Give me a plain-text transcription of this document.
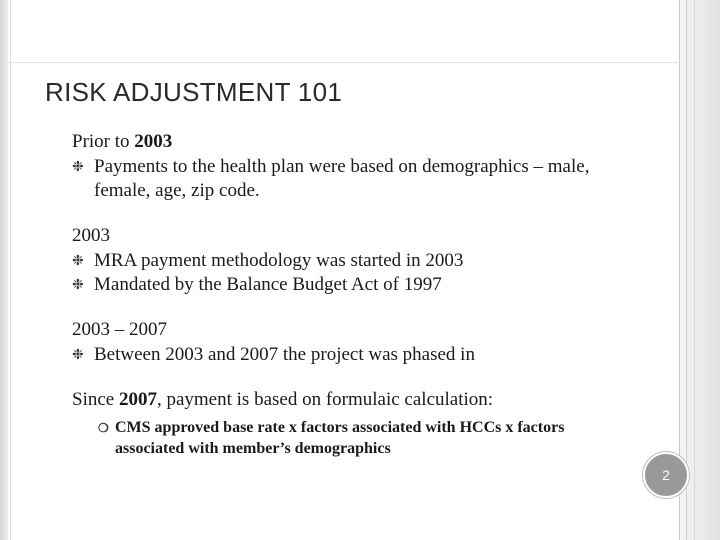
RISK ADJUSTMENT 101

Prior to 2003

❉ Payments to the health plan were based on demographics – male, female, age, zip code.

2003

❉ MRA payment methodology was started in 2003

❉ Mandated by the Balance Budget Act of 1997

2003 – 2007

❉ Between 2003 and 2007 the project was phased in

Since 2007, payment is based on formulaic calculation:

❍ CMS approved base rate x factors associated with HCCs x factors associated with member’s demographics

2
